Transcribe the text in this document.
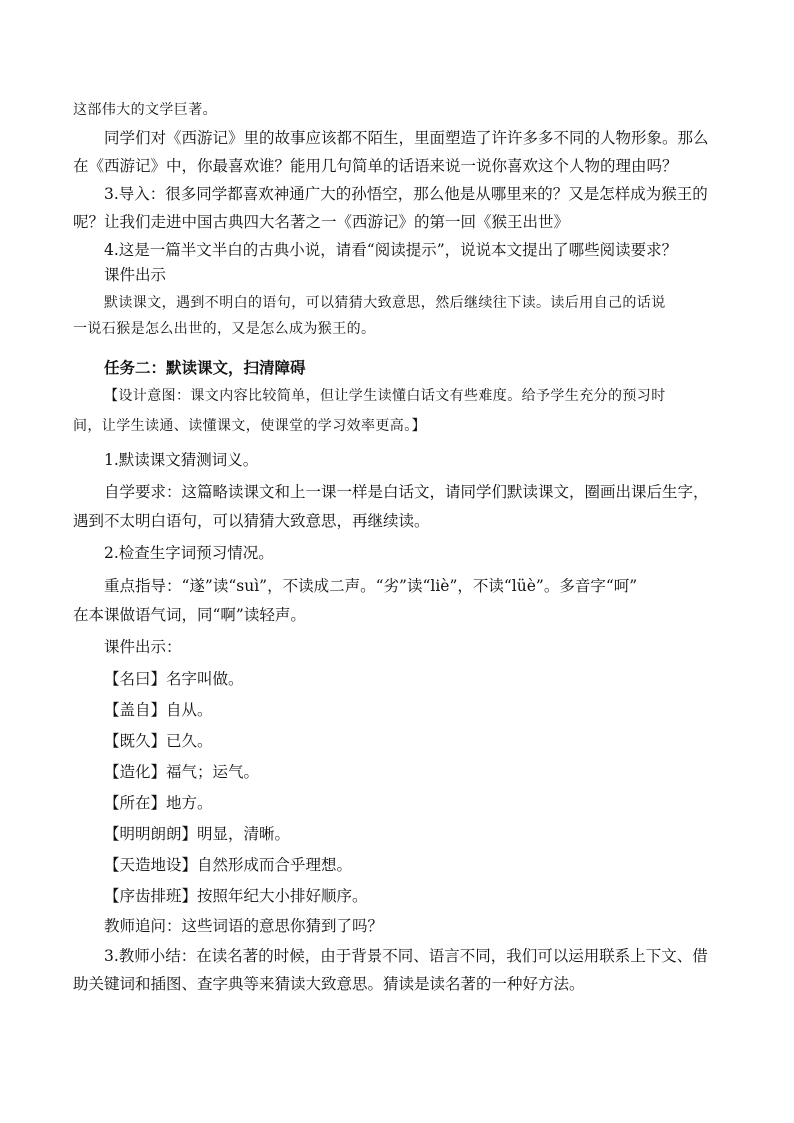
这部伟大的文学巨著。
同学们对《西游记》里的故事应该都不陌生，里面塑造了许许多多不同的人物形象。那么
在《西游记》中，你最喜欢谁？能用几句简单的话语来说一说你喜欢这个人物的理由吗？
3.导入：很多同学都喜欢神通广大的孙悟空，那么他是从哪里来的？又是怎样成为猴王的
呢？让我们走进中国古典四大名著之一《西游记》的第一回《猴王出世》
4.这是一篇半文半白的古典小说，请看“阅读提示”，说说本文提出了哪些阅读要求？
课件出示
默读课文，遇到不明白的语句，可以猜猜大致意思，然后继续往下读。读后用自己的话说
一说石猴是怎么出世的，又是怎么成为猴王的。
任务二：默读课文，扫清障碍
【设计意图：课文内容比较简单，但让学生读懂白话文有些难度。给予学生充分的预习时
间，让学生读通、读懂课文，使课堂的学习效率更高。】
1.默读课文猜测词义。
自学要求：这篇略读课文和上一课一样是白话文，请同学们默读课文，圈画出课后生字，
遇到不太明白语句，可以猜猜大致意思，再继续读。
2.检查生字词预习情况。
重点指导：“遂”读“suì”，不读成二声。“劣”读“liè”，不读“lüè”。多音字“呵”
在本课做语气词，同“啊”读轻声。
课件出示：
【名曰】名字叫做。
【盖自】自从。
【既久】已久。
【造化】福气；运气。
【所在】地方。
【明明朗朗】明显，清晰。
【天造地设】自然形成而合乎理想。
【序齿排班】按照年纪大小排好顺序。
教师追问：这些词语的意思你猜到了吗？
3.教师小结：在读名著的时候，由于背景不同、语言不同，我们可以运用联系上下文、借
助关键词和插图、查字典等来猜读大致意思。猜读是读名著的一种好方法。
